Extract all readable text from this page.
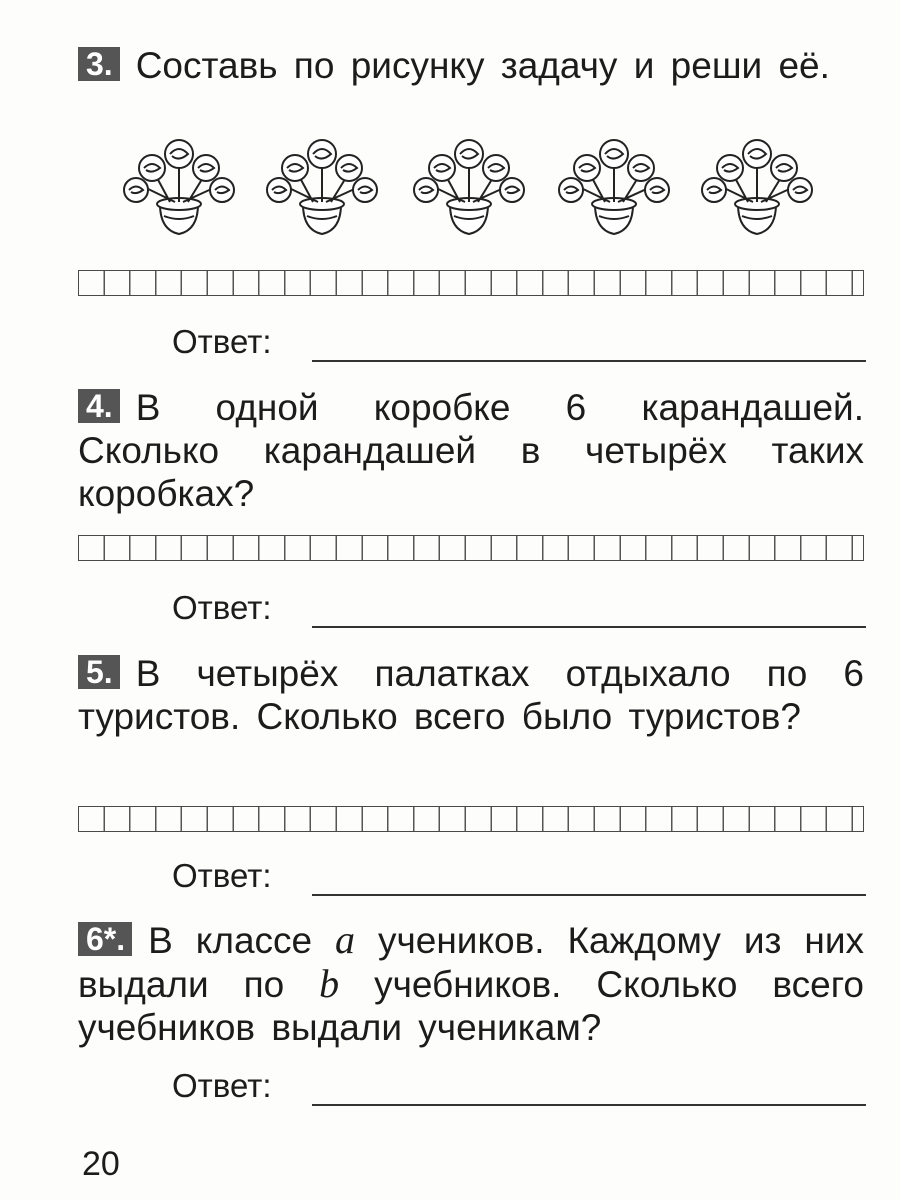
3. Составь по рисунку задачу и реши её.

Ответ:

4. В одной коробке 6 карандашей. Сколько карандашей в четырёх таких коробках?

Ответ:

5. В четырёх палатках отдыхало по 6 туристов. Сколько всего было туристов?

Ответ:

6*. В классе a учеников. Каждому из них выдали по b учебников. Сколько всего учебников выдали ученикам?

Ответ:
20
